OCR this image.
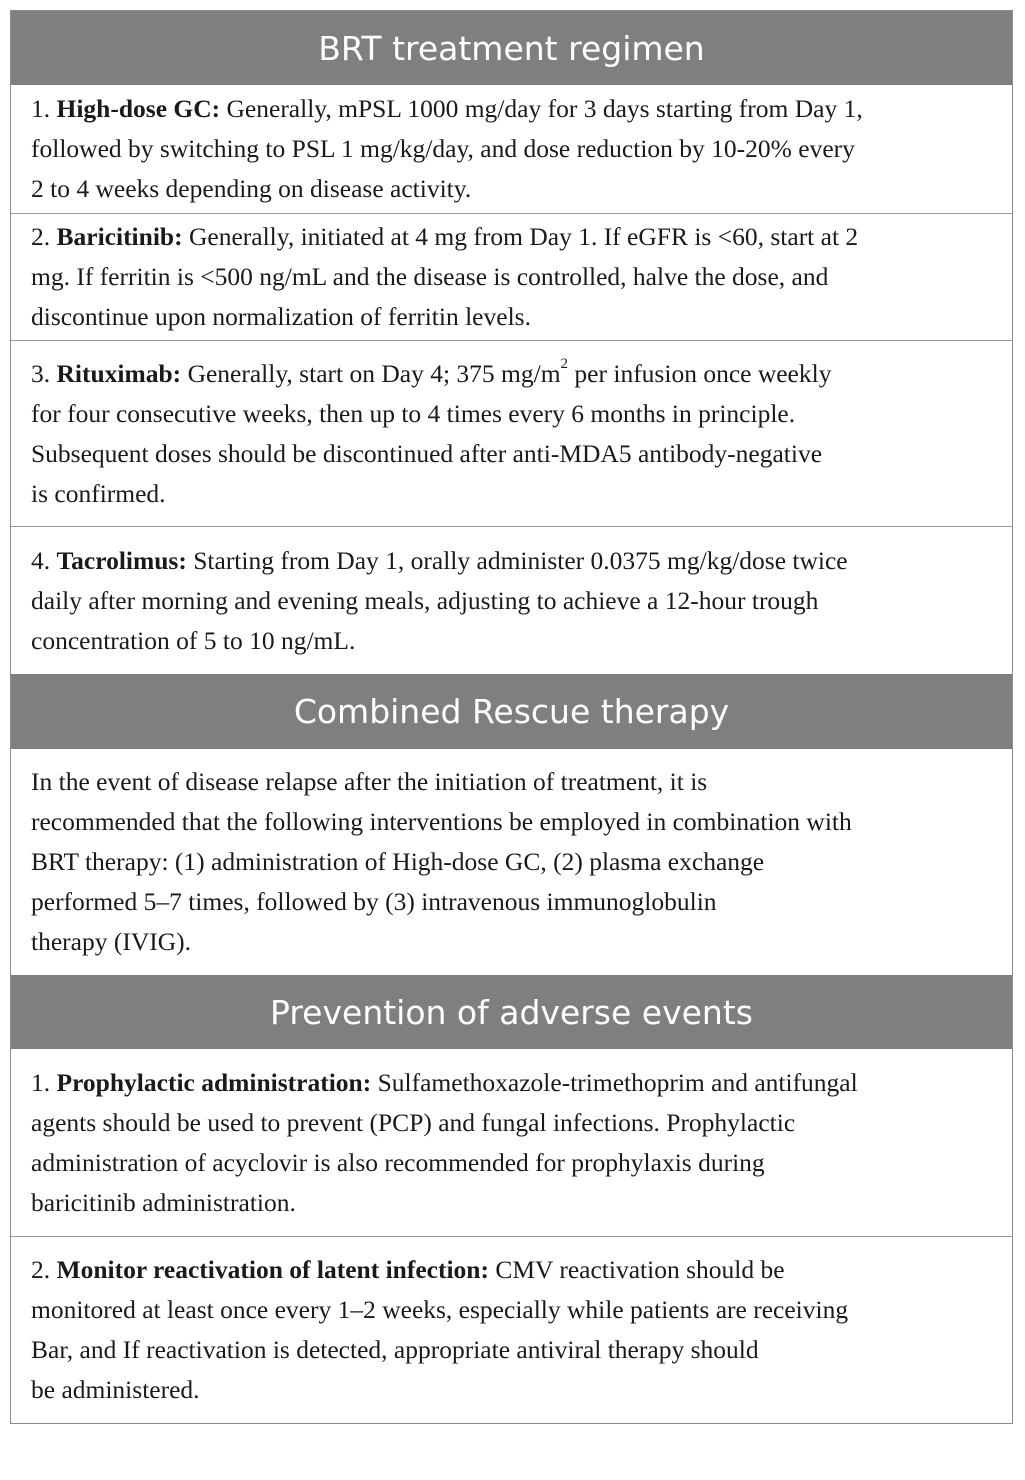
BRT treatment regimen
1. High-dose GC: Generally, mPSL 1000 mg/day for 3 days starting from Day 1,
followed by switching to PSL 1 mg/kg/day, and dose reduction by 10-20% every
2 to 4 weeks depending on disease activity.
2. Baricitinib: Generally, initiated at 4 mg from Day 1. If eGFR is <60, start at 2
mg. If ferritin is <500 ng/mL and the disease is controlled, halve the dose, and
discontinue upon normalization of ferritin levels.
3. Rituximab: Generally, start on Day 4; 375 $mg/m^2$ per infusion once weekly
for four consecutive weeks, then up to 4 times every 6 months in principle.
Subsequent doses should be discontinued after anti-MDA5 antibody-negative
is confirmed.
4. Tacrolimus: Starting from Day 1, orally administer 0.0375 mg/kg/dose twice
daily after morning and evening meals, adjusting to achieve a 12-hour trough
concentration of 5 to 10 ng/mL.
Combined Rescue therapy
In the event of disease relapse after the initiation of treatment, it is
recommended that the following interventions be employed in combination with
BRT therapy: (1) administration of High-dose GC, (2) plasma exchange
performed 5–7 times, followed by (3) intravenous immunoglobulin
therapy (IVIG).
Prevention of adverse events
1. Prophylactic administration: Sulfamethoxazole-trimethoprim and antifungal
agents should be used to prevent (PCP) and fungal infections. Prophylactic
administration of acyclovir is also recommended for prophylaxis during
baricitinib administration.
2. Monitor reactivation of latent infection: CMV reactivation should be
monitored at least once every 1–2 weeks, especially while patients are receiving
Bar, and If reactivation is detected, appropriate antiviral therapy should
be administered.
